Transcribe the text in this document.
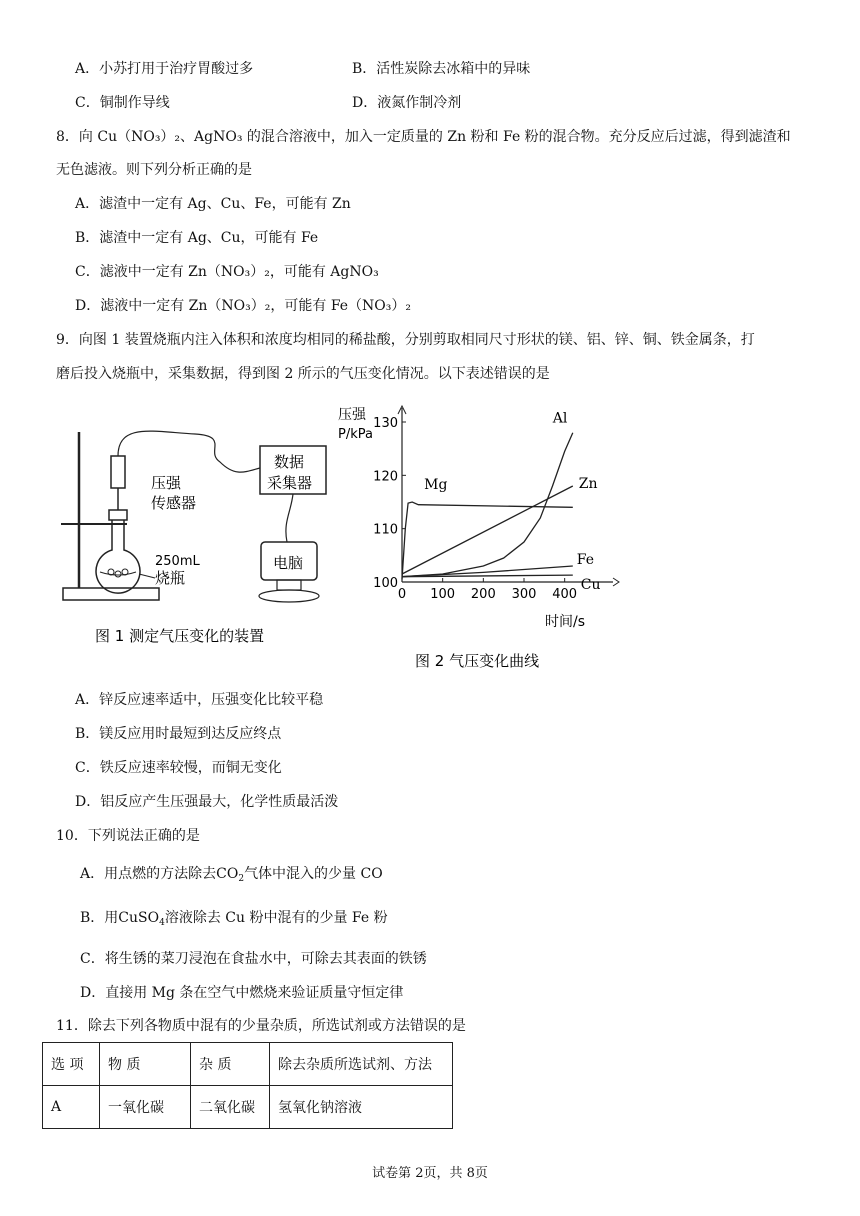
A．小苏打用于治疗胃酸过多	B．活性炭除去冰箱中的异味
C．铜制作导线	D．液氮作制冷剂
8．向 Cu（NO₃）₂、AgNO₃ 的混合溶液中，加入一定质量的 Zn 粉和 Fe 粉的混合物。充分反应后过滤，得到滤渣和
无色滤液。则下列分析正确的是
A．滤渣中一定有 Ag、Cu、Fe，可能有 Zn
B．滤渣中一定有 Ag、Cu，可能有 Fe
C．滤液中一定有 Zn（NO₃）₂，可能有 AgNO₃
D．滤液中一定有 Zn（NO₃）₂，可能有 Fe（NO₃）₂
9．向图 1 装置烧瓶内注入体积和浓度均相同的稀盐酸，分别剪取相同尺寸形状的镁、铝、锌、铜、铁金属条，打
磨后投入烧瓶中，采集数据，得到图 2 所示的气压变化情况。以下表述错误的是
压强
传感器
数据
采集器
电脑
250mL
烧瓶
图 1 测定气压变化的装置
100
110
120
130
0 100 200 300 400
Al
Zn
Mg
Fe
Cu
压强
P/kPa
时间/s
图 2 气压变化曲线
A．锌反应速率适中，压强变化比较平稳
B．镁反应用时最短到达反应终点
C．铁反应速率较慢，而铜无变化
D．铝反应产生压强最大，化学性质最活泼
10．下列说法正确的是
A．用点燃的方法除去$CO_2$气体中混入的少量 CO
B．用CuSO$_4$溶液除去 Cu 粉中混有的少量 Fe 粉
C．将生锈的菜刀浸泡在食盐水中，可除去其表面的铁锈
D．直接用 Mg 条在空气中燃烧来验证质量守恒定律
11．除去下列各物质中混有的少量杂质，所选试剂或方法错误的是
选 项	物 质	杂 质	除去杂质所选试剂、方法
A	一氧化碳	二氧化碳	氢氧化钠溶液
试卷第 2页，共 8页
